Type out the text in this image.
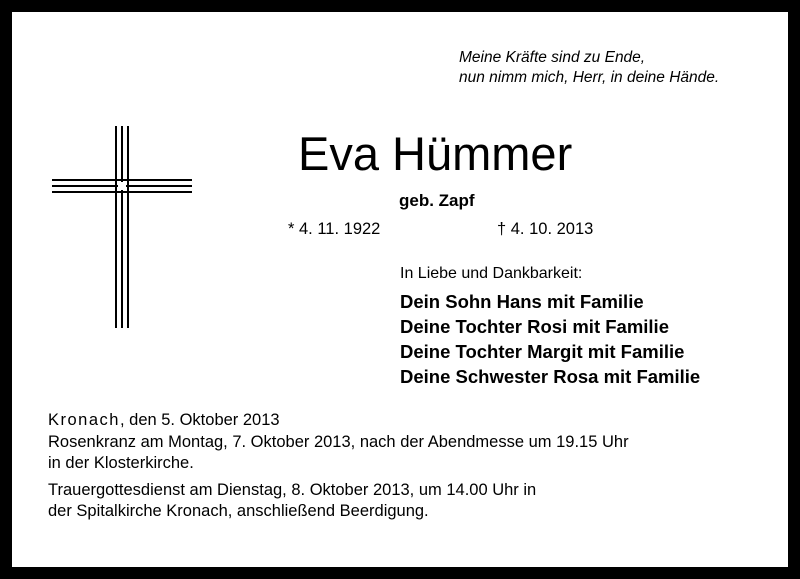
Meine Kräfte sind zu Ende,
nun nimm mich, Herr, in deine Hände.
Eva Hümmer
geb. Zapf
* 4. 11. 1922	† 4. 10. 2013
In Liebe und Dankbarkeit:
Dein Sohn Hans mit Familie
Deine Tochter Rosi mit Familie
Deine Tochter Margit mit Familie
Deine Schwester Rosa mit Familie
Kronach, den 5. Oktober 2013
Rosenkranz am Montag, 7. Oktober 2013, nach der Abendmesse um 19.15 Uhr
in der Klosterkirche.
Trauergottesdienst am Dienstag, 8. Oktober 2013, um 14.00 Uhr in
der Spitalkirche Kronach, anschließend Beerdigung.
